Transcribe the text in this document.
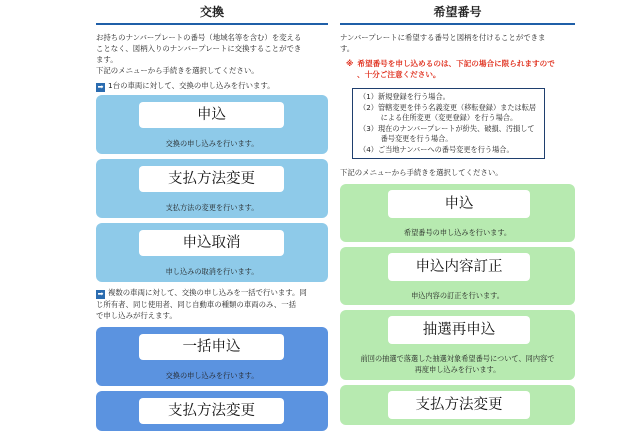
交換
お持ちのナンバープレートの番号（地域名等を含む）を変える
ことなく、図柄入りのナンバープレートに交換することができ
ます。
下記のメニューから手続きを選択してください。
➡ 1台の車両に対して、交換の申し込みを行います。
申込
交換の申し込みを行います。
支払方法変更
支払方法の変更を行います。
申込取消
申し込みの取消を行います。
➡ 複数の車両に対して、交換の申し込みを一括で行います。同
じ所有者、同じ使用者、同じ自動車の種類の車両のみ、一括
で申し込みが行えます。
一括申込
交換の申し込みを行います。
支払方法変更
希望番号
ナンバープレートに希望する番号と図柄を付けることができま
す。
※ 希望番号を申し込めるのは、下記の場合に限られますので
、十分ご注意ください。
（1）新規登録を行う場合。
（2）管轄変更を伴う名義変更（移転登録）または転居
　　　による住所変更（変更登録）を行う場合。
（3）現在のナンバープレートが紛失、破損、汚損して
　　　番号変更を行う場合。
（4）ご当地ナンバーへの番号変更を行う場合。
下記のメニューから手続きを選択してください。
申込
希望番号の申し込みを行います。
申込内容訂正
申込内容の訂正を行います。
抽選再申込
前回の抽選で落選した抽選対象希望番号について、同内容で
再度申し込みを行います。
支払方法変更
